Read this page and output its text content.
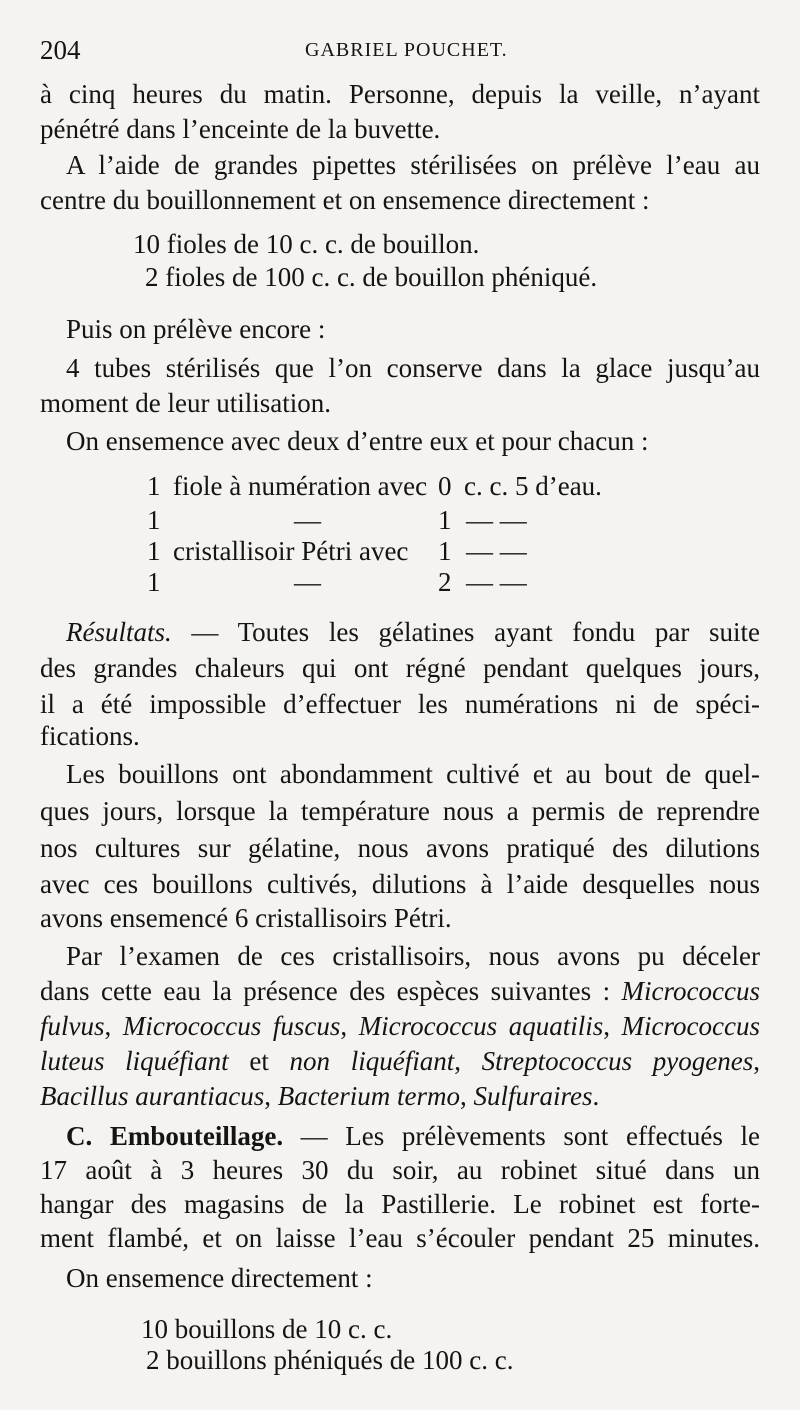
204	GABRIEL POUCHET.
à cinq heures du matin. Personne, depuis la veille, n’ayant
pénétré dans l’enceinte de la buvette.
A l’aide de grandes pipettes stérilisées on prélève l’eau au
centre du bouillonnement et on ensemence directement :
10 fioles de 10 c. c. de bouillon.
2 fioles de 100 c. c. de bouillon phéniqué.
Puis on prélève encore :
4 tubes stérilisés que l’on conserve dans la glace jusqu’au
moment de leur utilisation.
On ensemence avec deux d’entre eux et pour chacun :
1 fiole à numération avec 0 c. c. 5 d’eau.
1	—	1 — —
1 cristallisoir Pétri avec 1 — —
1	—	2 — —
Résultats. — Toutes les gélatines ayant fondu par suite
des grandes chaleurs qui ont régné pendant quelques jours,
il a été impossible d’effectuer les numérations ni de spéci-
fications.
Les bouillons ont abondamment cultivé et au bout de quel-
ques jours, lorsque la température nous a permis de reprendre
nos cultures sur gélatine, nous avons pratiqué des dilutions
avec ces bouillons cultivés, dilutions à l’aide desquelles nous
avons ensemencé 6 cristallisoirs Pétri.
Par l’examen de ces cristallisoirs, nous avons pu déceler
dans cette eau la présence des espèces suivantes : Micrococcus
fulvus, Micrococcus fuscus, Micrococcus aquatilis, Micrococcus
luteus liquéfiant et non liquéfiant, Streptococcus pyogenes,
Bacillus aurantiacus, Bacterium termo, Sulfuraires.
C. Embouteillage. — Les prélèvements sont effectués le
17 août à 3 heures 30 du soir, au robinet situé dans un
hangar des magasins de la Pastillerie. Le robinet est forte-
ment flambé, et on laisse l’eau s’écouler pendant 25 minutes.
On ensemence directement :
10 bouillons de 10 c. c.
2 bouillons phéniqués de 100 c. c.
